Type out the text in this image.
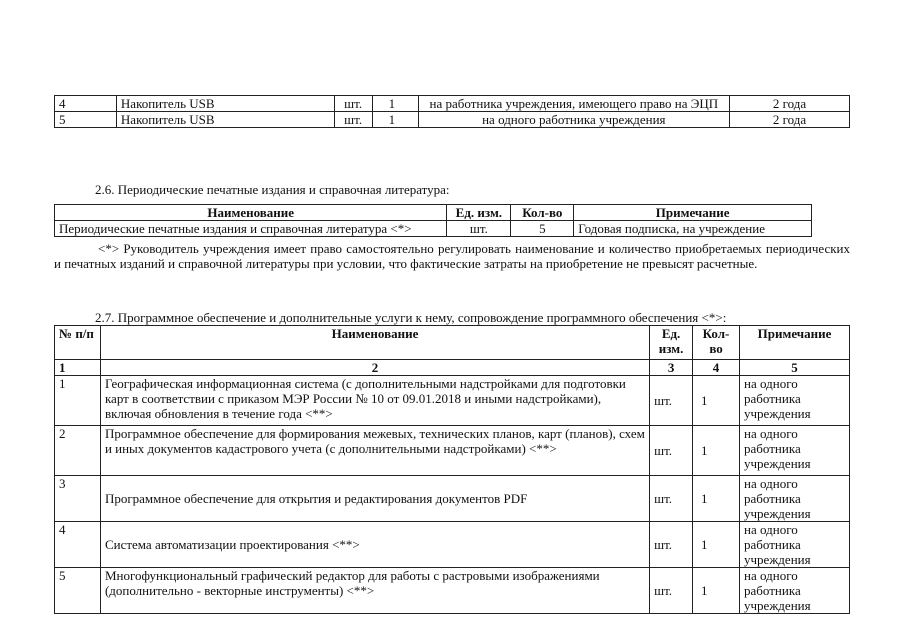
4	Накопитель USB	шт.	1	на работника учреждения, имеющего право на ЭЦП	2 года
5	Накопитель USB	шт.	1	на одного работника учреждения	2 года
2.6. Периодические печатные издания и справочная литература:
Наименование	Ед. изм.	Кол-во	Примечание
Периодические печатные издания и справочная литература <*>	шт.	5	Годовая подписка, на учреждение
<*> Руководитель учреждения имеет право самостоятельно регулировать наименование и количество приобретаемых периодических и печатных изданий и справочной литературы при условии, что фактические затраты на приобретение не превысят расчетные.
2.7. Программное обеспечение и дополнительные услуги к нему, сопровождение программного обеспечения <*>:
№ п/п	Наименование	Ед. изм.	Кол-во	Примечание
1	2	3	4	5
1	Географическая информационная система (с дополнительными надстройками для подготовки карт в соответствии с приказом МЭР России № 10 от 09.01.2018 и иными надстройками), включая обновления в течение года <**>	шт.	1	на одного работника учреждения
2	Программное обеспечение для формирования межевых, технических планов, карт (планов), схем и иных документов кадастрового учета (с дополнительными надстройками) <**>	шт.	1	на одного работника учреждения
3	Программное обеспечение для открытия и редактирования документов PDF	шт.	1	на одного работника учреждения
4	Система автоматизации проектирования <**>	шт.	1	на одного работника учреждения
5	Многофункциональный графический редактор для работы с растровыми изображениями (дополнительно - векторные инструменты) <**>	шт.	1	на одного работника учреждения
